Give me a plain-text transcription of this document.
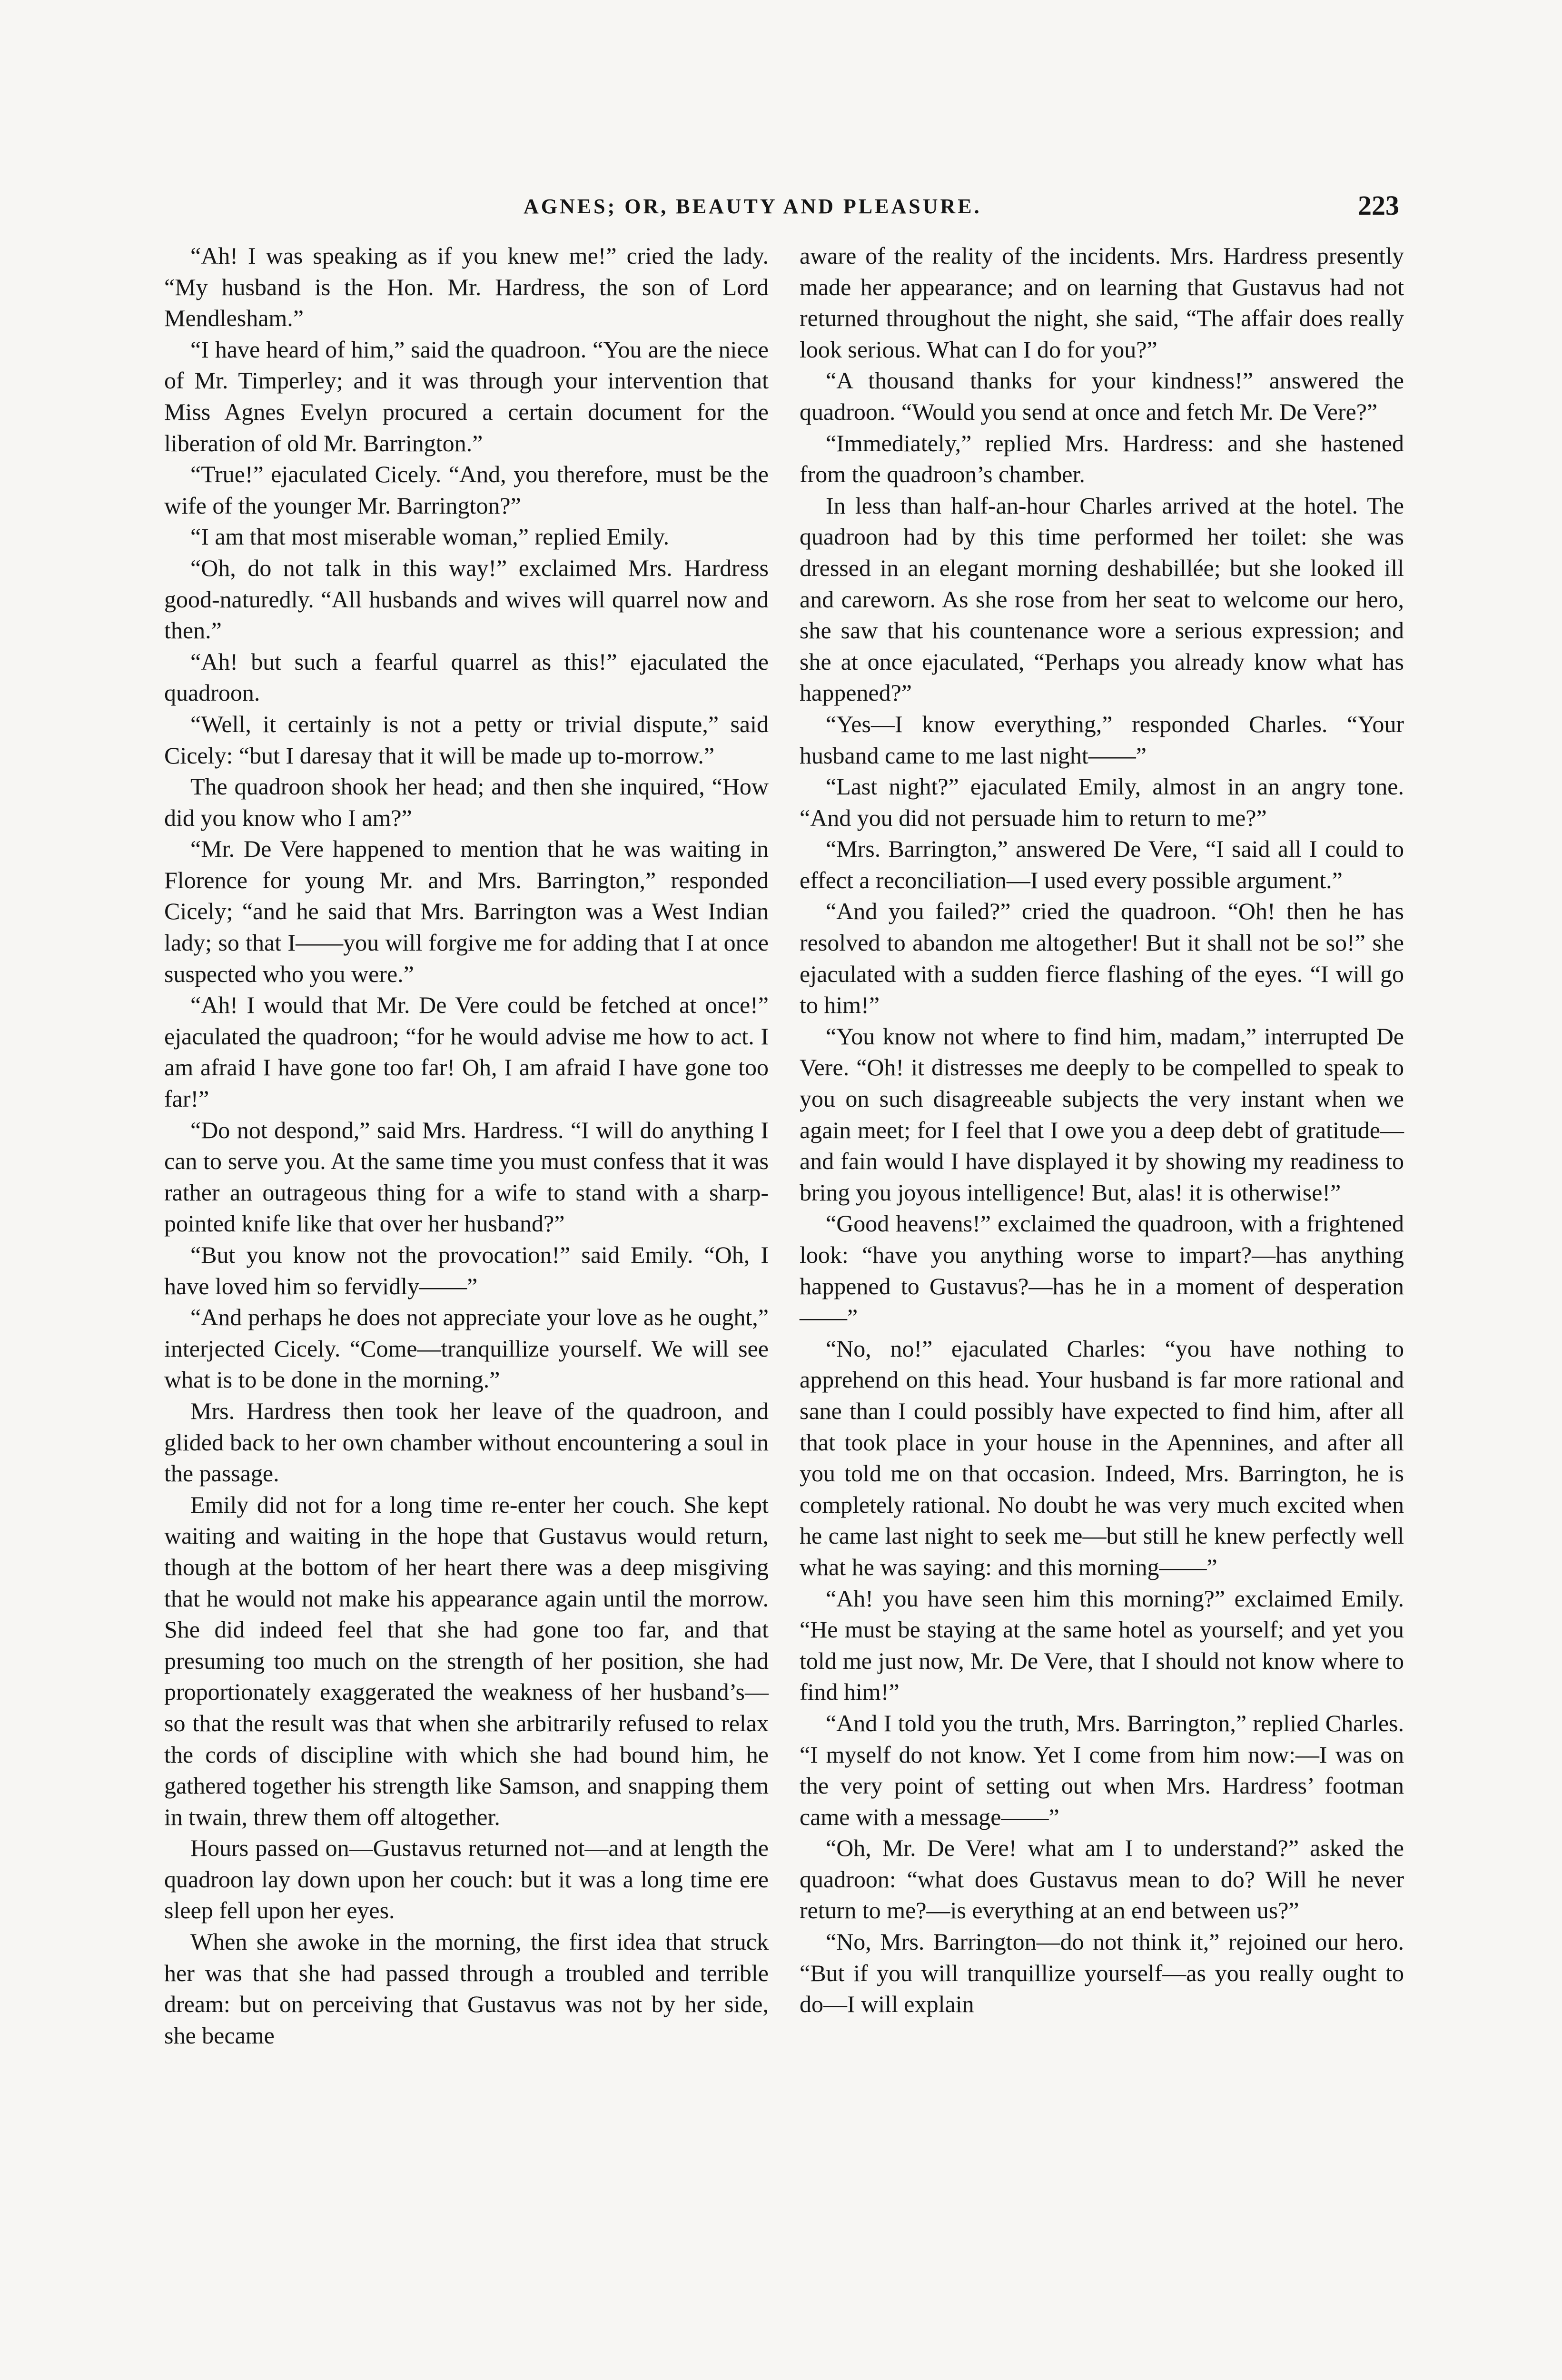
AGNES; OR, BEAUTY AND PLEASURE.	223

“Ah! I was speaking as if you knew me!” cried the lady. “My husband is the Hon. Mr. Hardress, the son of Lord Mendlesham.”

“I have heard of him,” said the quadroon. “You are the niece of Mr. Timperley; and it was through your intervention that Miss Agnes Evelyn procured a certain document for the liberation of old Mr. Barrington.”

“True!” ejaculated Cicely. “And, you therefore, must be the wife of the younger Mr. Barrington?”

“I am that most miserable woman,” replied Emily.

“Oh, do not talk in this way!” exclaimed Mrs. Hardress good-naturedly. “All husbands and wives will quarrel now and then.”

“Ah! but such a fearful quarrel as this!” ejaculated the quadroon.

“Well, it certainly is not a petty or trivial dispute,” said Cicely: “but I daresay that it will be made up to-morrow.”

The quadroon shook her head; and then she inquired, “How did you know who I am?”

“Mr. De Vere happened to mention that he was waiting in Florence for young Mr. and Mrs. Barrington,” responded Cicely; “and he said that Mrs. Barrington was a West Indian lady; so that I——you will forgive me for adding that I at once suspected who you were.”

“Ah! I would that Mr. De Vere could be fetched at once!” ejaculated the quadroon; “for he would advise me how to act. I am afraid I have gone too far! Oh, I am afraid I have gone too far!”

“Do not despond,” said Mrs. Hardress. “I will do anything I can to serve you. At the same time you must confess that it was rather an outrageous thing for a wife to stand with a sharp-pointed knife like that over her husband?”

“But you know not the provocation!” said Emily. “Oh, I have loved him so fervidly——”

“And perhaps he does not appreciate your love as he ought,” interjected Cicely. “Come—tranquillize yourself. We will see what is to be done in the morning.”

Mrs. Hardress then took her leave of the quadroon, and glided back to her own chamber without encountering a soul in the passage.

Emily did not for a long time re-enter her couch. She kept waiting and waiting in the hope that Gustavus would return, though at the bottom of her heart there was a deep misgiving that he would not make his appearance again until the morrow. She did indeed feel that she had gone too far, and that presuming too much on the strength of her position, she had proportionately exaggerated the weakness of her husband’s—so that the result was that when she arbitrarily refused to relax the cords of discipline with which she had bound him, he gathered together his strength like Samson, and snapping them in twain, threw them off altogether.

Hours passed on—Gustavus returned not—and at length the quadroon lay down upon her couch: but it was a long time ere sleep fell upon her eyes.

When she awoke in the morning, the first idea that struck her was that she had passed through a troubled and terrible dream: but on perceiving that Gustavus was not by her side, she became

aware of the reality of the incidents. Mrs. Hardress presently made her appearance; and on learning that Gustavus had not returned throughout the night, she said, “The affair does really look serious. What can I do for you?”

“A thousand thanks for your kindness!” answered the quadroon. “Would you send at once and fetch Mr. De Vere?”

“Immediately,” replied Mrs. Hardress: and she hastened from the quadroon’s chamber.

In less than half-an-hour Charles arrived at the hotel. The quadroon had by this time performed her toilet: she was dressed in an elegant morning deshabillée; but she looked ill and careworn. As she rose from her seat to welcome our hero, she saw that his countenance wore a serious expression; and she at once ejaculated, “Perhaps you already know what has happened?”

“Yes—I know everything,” responded Charles. “Your husband came to me last night——”

“Last night?” ejaculated Emily, almost in an angry tone. “And you did not persuade him to return to me?”

“Mrs. Barrington,” answered De Vere, “I said all I could to effect a reconciliation—I used every possible argument.”

“And you failed?” cried the quadroon. “Oh! then he has resolved to abandon me altogether! But it shall not be so!” she ejaculated with a sudden fierce flashing of the eyes. “I will go to him!”

“You know not where to find him, madam,” interrupted De Vere. “Oh! it distresses me deeply to be compelled to speak to you on such disagreeable subjects the very instant when we again meet; for I feel that I owe you a deep debt of gratitude—and fain would I have displayed it by showing my readiness to bring you joyous intelligence! But, alas! it is otherwise!”

“Good heavens!” exclaimed the quadroon, with a frightened look: “have you anything worse to impart?—has anything happened to Gustavus?—has he in a moment of desperation——”

“No, no!” ejaculated Charles: “you have nothing to apprehend on this head. Your husband is far more rational and sane than I could possibly have expected to find him, after all that took place in your house in the Apennines, and after all you told me on that occasion. Indeed, Mrs. Barrington, he is completely rational. No doubt he was very much excited when he came last night to seek me—but still he knew perfectly well what he was saying: and this morning——”

“Ah! you have seen him this morning?” exclaimed Emily. “He must be staying at the same hotel as yourself; and yet you told me just now, Mr. De Vere, that I should not know where to find him!”

“And I told you the truth, Mrs. Barrington,” replied Charles. “I myself do not know. Yet I come from him now:—I was on the very point of setting out when Mrs. Hardress’ footman came with a message——”

“Oh, Mr. De Vere! what am I to understand?” asked the quadroon: “what does Gustavus mean to do? Will he never return to me?—is everything at an end between us?”

“No, Mrs. Barrington—do not think it,” rejoined our hero. “But if you will tranquillize yourself—as you really ought to do—I will explain
